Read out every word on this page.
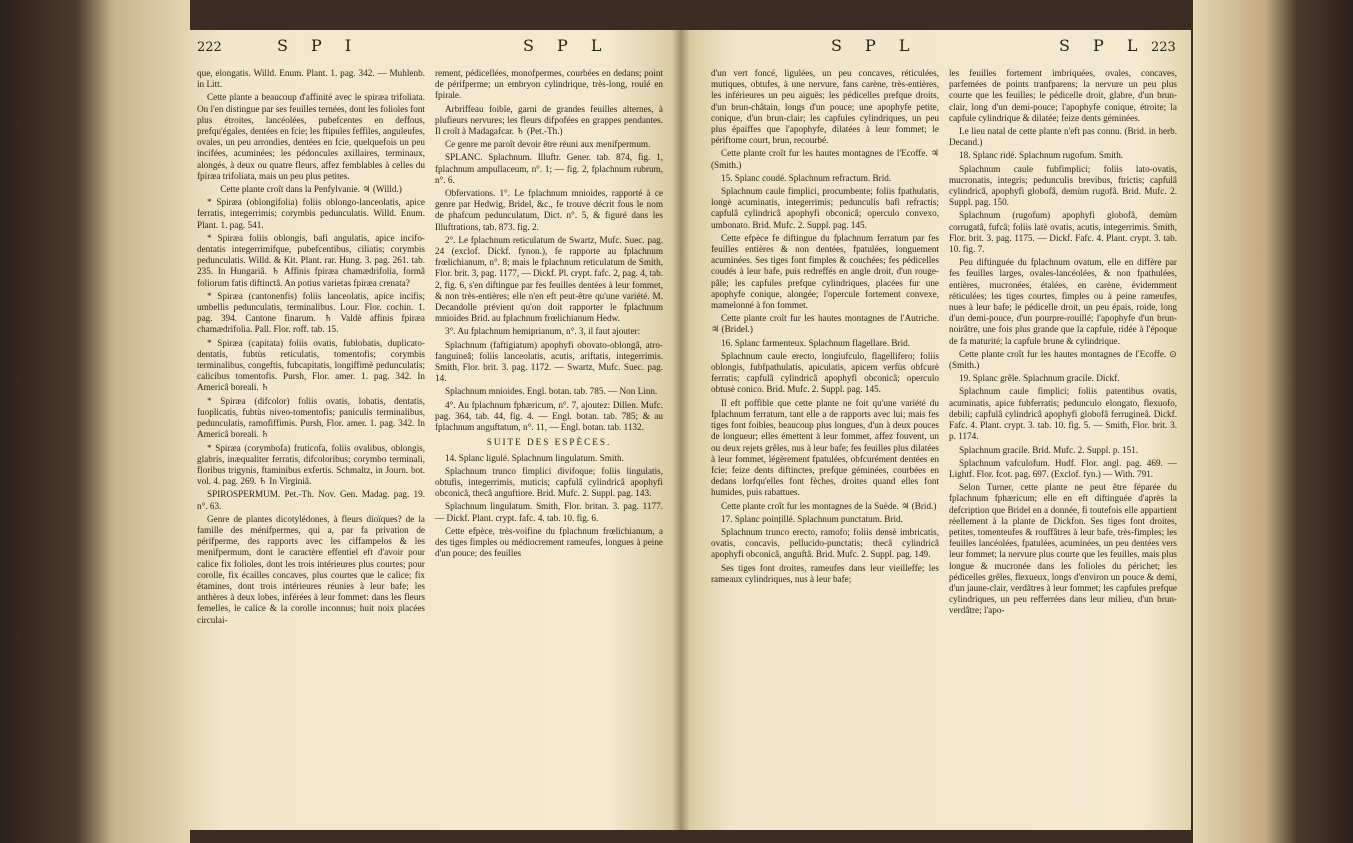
222	S P I	S P L

que, elongatis. Willd. Enum. Plant. 1. pag. 342. — Muhlenb. in Litt.

Cette plante a beaucoup d'affinité avec le spiræa trifoliata. On l'en distingue par ses feuilles ternées, dont les folioles font plus étroites, lancéolées, pubefcentes en deffous, prefqu'égales, dentées en fcie; les ftipules feffiles, anguleufes, ovales, un peu arrondies, dentées en fcie, quelquefois un peu incifées, acuminées; les pédoncules axillaires, terminaux, alongés, à deux ou quatre fleurs, affez femblables à celles du fpiræa trifoliata, mais un peu plus petites.

Cette plante croît dans la Penfylvanie. ♃ (Willd.)

* Spiræa (oblongifolia) foliis oblongo-lanceolatis, apice ferratis, integerrimis; corymbis pedunculatis. Willd. Enum. Plant. 1. pag. 541.

* Spiræa foliis oblongis, bafi angulatis, apice incifo-dentatis integerrimifque, pubefcentibus, ciliatis; corymbis pedunculatis. Willd. & Kit. Plant. rar. Hung. 3. pag. 261. tab. 235. In Hungariâ. ♄ Affinis fpiræa chamædrifolia, formâ foliorum fatis diftinctâ. An potius varietas fpiræa crenata?

* Spiræa (cantonenfis) foliis lanceolatis, apice incifis; umbellis pedunculatis, terminalibus. Lour. Flor. cochin. 1. pag. 394. Cantone finarum. ♄ Valdè affinis fpiræa chamædrifolia. Pall. Flor. roff. tab. 15.

* Spiræa (capitata) foliis ovatis, fublobatis, duplicato-dentatis, fubtùs reticulatis, tomentofis; corymbis terminalibus, congeftis, fubcapitatis, longiffimè pedunculatis; calicibus tomentofis. Pursh, Flor. amer. 1. pag. 342. In Americâ boreali. ♄

* Spiræa (difcolor) foliis ovatis, lobatis, dentatis, fuoplicatis, fubtùs niveo-tomentofis; paniculis terminalibus, pedunculatis, ramofiffimis. Pursh, Flor. amer. 1. pag. 342. In Americâ boreali. ♄

* Spiræa (corymbofa) fruticofa, foliis ovalibus, oblongis, glabris, inæqualiter ferratis, difcoloribus; corymbo terminali, floribus trigynis, ftaminibus exfertis. Schmaltz, in Journ. bot. vol. 4. pag. 269. ♄ In Virginiâ.

SPIROSPERMUM. Pet.-Th. Nov. Gen. Madag. pag. 19. n°. 63.

Genre de plantes dicotylédones, à fleurs dioïques? de la famille des ménifpermes, qui a, par fa privation de périfperme, des rapports avec les ciffampelos & les menifpermum, dont le caractère effentiel eft d'avoir pour calice fix folioles, dont les trois intérieures plus courtes; pour corolle, fix écailles concaves, plus courtes que le calice; fix étamines, dont trois intérieures réunies à leur bafe; les anthères à deux lobes, inférées à leur fommet: dans les fleurs femelles, le calice & la corolle inconnus; huit noix placées circulai-

rement, pédicellées, monofpermes, courbées en dedans; point de périfperme; un embryon cylindrique, très-long, roulé en fpirale.

Arbriffeau foible, garni de grandes feuilles alternes, à plufieurs nervures; les fleurs difpofées en grappes pendantes. Il croît à Madagafcar. ♄ (Pet.-Th.)

Ce genre me paroît devoir être réuni aux menifpermum.

SPLANC. Splachnum. Illuftr. Gener. tab. 874, fig. 1, fplachnum ampullaceum, n°. 1; — fig. 2, fplachnum rubrum, n°. 6.

Obfervations. 1°. Le fplachnum mnioides, rapporté à ce genre par Hedwig, Bridel, &c., fe trouve décrit fous le nom de phafcum pedunculatum, Dict. n°. 5, & figuré dans les Illuftrations, tab. 873. fig. 2.

2°. Le fplachnum reticulatum de Swartz, Mufc. Suec. pag. 24 (exclof. Dickf. fynon.), fe rapporte au fplachnum frœlichianum, n°. 8; mais le fplachnum reticulatum de Smith, Flor. brit. 3, pag. 1177, — Dickf. Pl. crypt. fafc. 2, pag. 4, tab. 2, fig. 6, s'en diftingue par fes feuilles dentées à leur fommet, & non très-entières; elle n'en eft peut-être qu'une variété. M. Decandolle prévient qu'on doit rapporter le fplachnum mnioides Brid. au fplachnum frœlichianum Hedw.

3°. Au fplachnum hemiprianum, n°. 3, il faut ajouter:

Splachnum (faftigiatum) apophyfi obovato-oblongâ, atro-fanguineâ; foliis lanceolatis, acutis, ariftatis, integerrimis. Smith, Flor. brit. 3. pag. 1172. — Swartz, Mufc. Suec. pag. 14.

Splachnum mnioides. Engl. botan. tab. 785. — Non Linn.

4°. Au fplachnum fphæricum, n°. 7, ajoutez: Dillen. Mufc. pag. 364, tab. 44, fig. 4. — Engl. botan. tab. 785; & au fplachnum anguftatum, n°. 11, — Engl. botan. tab. 1132.

SUITE DES ESPÈCES.

14. Splanc ligulé. Splachnum lingulatum. Smith.

Splachnum trunco fimplici divifoque; foliis lingulatis, obtufis, integerrimis, muticis; capfulâ cylindricâ apophyfi obconicâ, thecâ anguftiore. Brid. Mufc. 2. Suppl. pag. 143.

Splachnum lingulatum. Smith, Flor. britan. 3. pag. 1177. — Dickf. Plant. crypt. fafc. 4. tab. 10. fig. 6.

Cette efpèce, très-voifine du fplachnum frœlichianum, a des tiges fimples ou médiocrement rameufes, longues à peine d'un pouce; des feuilles

S P L	S P L 223

d'un vert foncé, ligulées, un peu concaves, réticulées, mutiques, obtufes, à une nervure, fans carène, très-entières, les inférieures un peu aiguës; les pédicelles prefque droits, d'un brun-châtain, longs d'un pouce; une apophyfe petite, conique, d'un brun-clair; les capfules cylindriques, un peu plus épaiffes que l'apophyfe, dilatées à leur fommet; le périftome court, brun, recourbé.

Cette plante croît fur les hautes montagnes de l'Ecoffe. ♃ (Smith.)

15. Splanc coudé. Splachnum refractum. Brid.

Splachnum caule fimplici, procumbente; foliis fpathulatis, longè acuminatis, integerrimis; pedunculis bafi refractis; capfulâ cylindricâ apophyfi obconicâ; operculo convexo, umbonato. Brid. Mufc. 2. Suppl. pag. 145.

Cette efpèce fe diftingue du fplachnum ferratum par fes feuilles entières & non dentées, fpatulées, longuement acuminées. Ses tiges font fimples & couchées; fes pédicelles coudés à leur bafe, puis redreffés en angle droit, d'un rouge-pâle; les capfules prefque cylindriques, placées fur une apophyfe conique, alongée; l'opercule fortement convexe, mamelonné à fon fommet.

Cette plante croît fur les hautes montagnes de l'Autriche. ♃ (Bridel.)

16. Splanc farmenteux. Splachnum flagellare. Brid.

Splachnum caule erecto, longiufculo, flagellifero; foliis oblongis, fubfpathulatis, apiculatis, apicem verfùs obfcurè ferratis; capfulâ cylindricâ apophyfi obconicâ; operculo obtusè conico. Brid. Mufc. 2. Suppl. pag. 145.

Il eft poffible que cette plante ne foit qu'une variété du fplachnum ferratum, tant elle a de rapports avec lui; mais fes tiges font foibles, beaucoup plus longues, d'un à deux pouces de longueur; elles émettent à leur fommet, affez fouvent, un ou deux rejets grêles, nus à leur bafe; fes feuilles plus dilatées à leur fommet, légèrement fpatulées, obfcurément dentées en fcie; feize dents diftinctes, prefque géminées, courbées en dedans lorfqu'elles font fèches, droites quand elles font humides, puis rabattues.

Cette plante croît fur les montagnes de la Suède. ♃ (Brid.)

17. Splanc poințillé. Splachnum punctatum. Brid.

Splachnum trunco erecto, ramofo; foliis densè imbricatis, ovatis, concavis, pellucido-punctatis; thecâ cylindricâ apophyfi obconicâ, anguftâ. Brid. Mufc. 2. Suppl. pag. 149.

Ses tiges font droites, rameufes dans leur vieilleffe; les rameaux cylindriques, nus à leur bafe;

les feuilles fortement imbriquées, ovales, concaves, parfemées de points tranfparens; la nervure un peu plus courte que les feuilles; le pédicelle droit, glabre, d'un brun-clair, long d'un demi-pouce; l'apophyfe conique, étroite; la capfule cylindrique & dilatée; feize dents géminées.

Le lieu natal de cette plante n'eft pas connu. (Brid. in herb. Decand.)

18. Splanc ridé. Splachnum rugofum. Smith.

Splachnum caule fubfimplici; foliis lato-ovatis, mucronatis, integris; pedunculis brevibus, ftrictis; capfulâ cylindricâ, apophyfi globofâ, demùm rugofâ. Brid. Mufc. 2. Suppl. pag. 150.

Splachnum (rugofum) apophyfi globofâ, demùm corrugatâ, fufcâ; foliis latè ovatis, acutis, integerrimis. Smith, Flor. brit. 3. pag. 1175. — Dickf. Fafc. 4. Plant. crypt. 3. tab. 10. fig. 7.

Peu diftinguée du fplachnum ovatum, elle en diffère par fes feuilles larges, ovales-lancéolées, & non fpathulées, entières, mucronées, étalées, en carène, évidemment réticulées; les tiges courtes, fimples ou à peine rameufes, nues à leur bafe; le pédicelle droit, un peu épais, roide, long d'un demi-pouce, d'un pourpre-rouillé; l'apophyfe d'un brun-noirâtre, une fois plus grande que la capfule, ridée à l'époque de fa maturité; la capfule brune & cylindrique.

Cette plante croît fur les hautes montagnes de l'Ecoffe. ⊙ (Smith.)

19. Splanc grêle. Splachnum gracile. Dickf.

Splachnum caule fimplici; foliis patentibus ovatis, acuminatis, apice fubferratis; pedunculo elongato, flexuofo, debili; capfulâ cylindricâ apophyfi globofâ ferrugineâ. Dickf. Fafc. 4. Plant. crypt. 3. tab. 10. fig. 5. — Smith, Flor. brit. 3. p. 1174.

Splachnum gracile. Brid. Mufc. 2. Suppl. p. 151.

Splachnum vafculofum. Hudf. Flor. angl. pag. 469. — Lightf. Flor. fcot. pag. 697. (Exclof. fyn.) — With. 791.

Selon Turner, cette plante ne peut être féparée du fplachnum fphæricum; elle en eft diftinguée d'après la defcription que Bridel en a donnée, fi toutefois elle appartient réellement à la plante de Dickfon. Ses tiges font droites, petites, tomenteufes & rouffâtres à leur bafe, très-fimples; les feuilles lancéolées, fpatulées, acuminées, un peu dentées vers leur fommet; la nervure plus courte que les feuilles, mais plus longue & mucronée dans les folioles du périchet; les pédicelles grêles, flexueux, longs d'environ un pouce & demi, d'un jaune-clair, verdâtres à leur fommet; les capfules prefque cylindriques, un peu refferrées dans leur milieu, d'un brun-verdâtre; l'apo-
